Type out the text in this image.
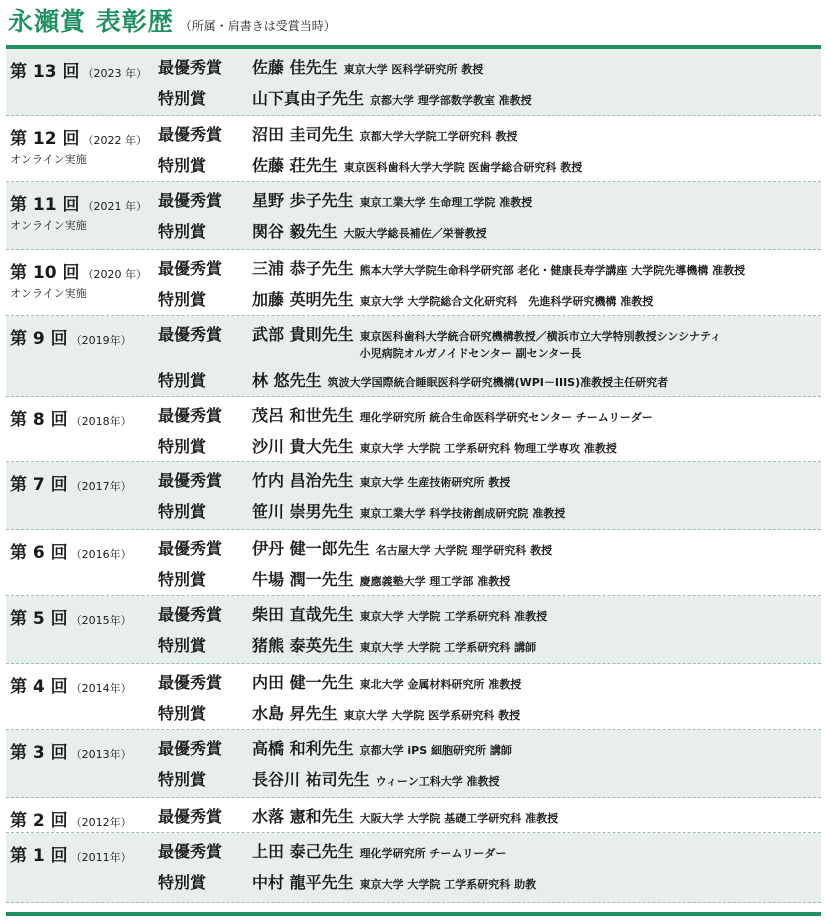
永瀬賞 表彰歴 （所属・肩書きは受賞当時）
第 13 回 （2023 年） 最優秀賞	佐藤 佳先生 東京大学 医科学研究所 教授
特別賞	山下真由子先生 京都大学 理学部数学教室 准教授
第 12 回 （2022 年）
オンライン実施
最優秀賞	沼田 圭司先生 京都大学大学院工学研究科 教授
特別賞	佐藤 荘先生 東京医科歯科大学大学院 医歯学総合研究科 教授
第 11 回 （2021 年）
オンライン実施
最優秀賞	星野 歩子先生 東京工業大学 生命理工学院 准教授
特別賞	関谷 毅先生 大阪大学総長補佐／栄誉教授
第 10 回 （2020 年）
オンライン実施
最優秀賞	三浦 恭子先生 熊本大学大学院生命科学研究部 老化・健康長寿学講座 大学院先導機構 准教授
特別賞	加藤 英明先生 東京大学 大学院総合文化研究科　先進科学研究機構 准教授
第 9 回 （2019年） 最優秀賞	武部 貴則先生 東京医科歯科大学統合研究機構教授／横浜市立大学特別教授シンシナティ
小児病院オルガノイドセンター 副センター長
特別賞	林 悠先生 筑波大学国際統合睡眠医科学研究機構(WPI－IIIS)准教授主任研究者
第 8 回 （2018年） 最優秀賞	茂呂 和世先生 理化学研究所 統合生命医科学研究センター チームリーダー
特別賞	沙川 貴大先生 東京大学 大学院 工学系研究科 物理工学専攻 准教授
第 7 回 （2017年） 最優秀賞	竹内 昌治先生 東京大学 生産技術研究所 教授
特別賞	笹川 崇男先生 東京工業大学 科学技術創成研究院 准教授
第 6 回 （2016年） 最優秀賞	伊丹 健一郎先生 名古屋大学 大学院 理学研究科 教授
特別賞	牛場 潤一先生 慶應義塾大学 理工学部 准教授
第 5 回 （2015年） 最優秀賞	柴田 直哉先生 東京大学 大学院 工学系研究科 准教授
特別賞	猪熊 泰英先生 東京大学 大学院 工学系研究科 講師
第 4 回 （2014年） 最優秀賞	内田 健一先生 東北大学 金属材料研究所 准教授
特別賞	水島 昇先生 東京大学 大学院 医学系研究科 教授
第 3 回 （2013年） 最優秀賞	高橋 和利先生 京都大学 iPS 細胞研究所 講師
特別賞	長谷川 祐司先生 ウィーン工科大学 准教授
第 2 回 （2012年） 最優秀賞	水落 憲和先生 大阪大学 大学院 基礎工学研究科 准教授
第 1 回 （2011年） 最優秀賞	上田 泰己先生 理化学研究所 チームリーダー
特別賞	中村 龍平先生 東京大学 大学院 工学系研究科 助教
